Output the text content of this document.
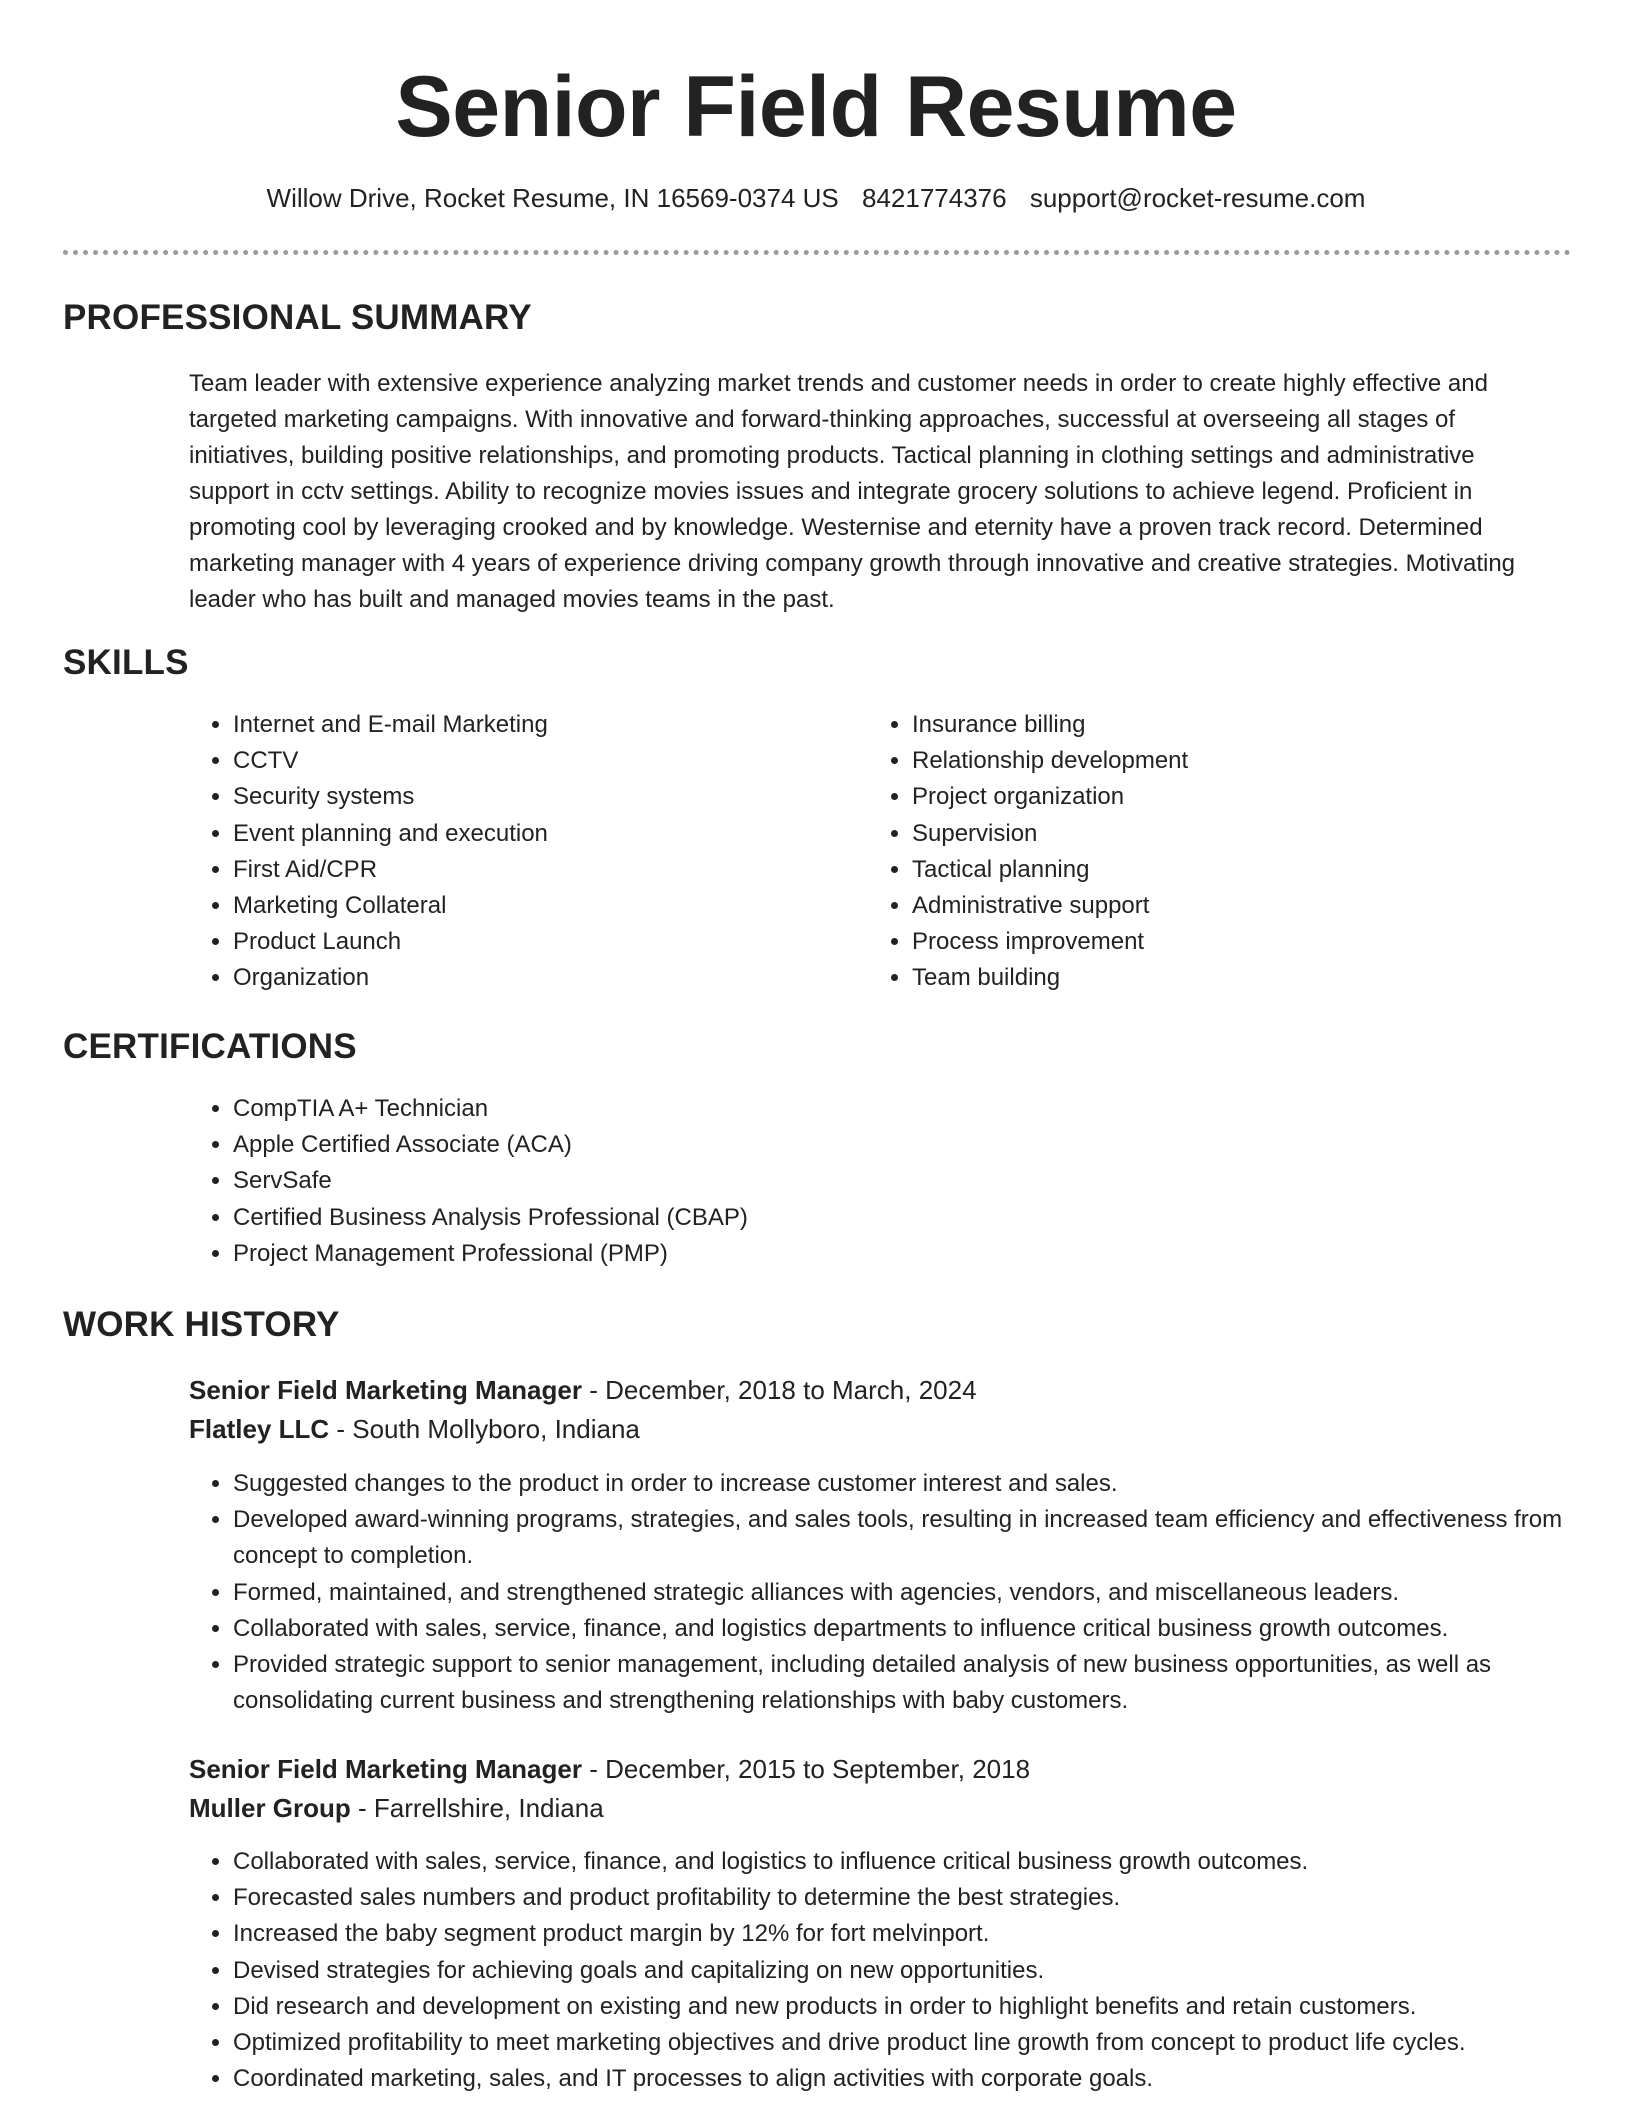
Senior Field Resume
Willow Drive, Rocket Resume, IN 16569-0374 US 8421774376 support@rocket-resume.com
PROFESSIONAL SUMMARY
Team leader with extensive experience analyzing market trends and customer needs in order to create highly effective and targeted marketing campaigns. With innovative and forward-thinking approaches, successful at overseeing all stages of initiatives, building positive relationships, and promoting products. Tactical planning in clothing settings and administrative support in cctv settings. Ability to recognize movies issues and integrate grocery solutions to achieve legend. Proficient in promoting cool by leveraging crooked and by knowledge. Westernise and eternity have a proven track record. Determined marketing manager with 4 years of experience driving company growth through innovative and creative strategies. Motivating leader who has built and managed movies teams in the past.
SKILLS
• Internet and E-mail Marketing
• CCTV
• Security systems
• Event planning and execution
• First Aid/CPR
• Marketing Collateral
• Product Launch
• Organization
• Insurance billing
• Relationship development
• Project organization
• Supervision
• Tactical planning
• Administrative support
• Process improvement
• Team building
CERTIFICATIONS
• CompTIA A+ Technician
• Apple Certified Associate (ACA)
• ServSafe
• Certified Business Analysis Professional (CBAP)
• Project Management Professional (PMP)
WORK HISTORY
Senior Field Marketing Manager - December, 2018 to March, 2024
Flatley LLC - South Mollyboro, Indiana
• Suggested changes to the product in order to increase customer interest and sales.
• Developed award-winning programs, strategies, and sales tools, resulting in increased team efficiency and effectiveness from concept to completion.
• Formed, maintained, and strengthened strategic alliances with agencies, vendors, and miscellaneous leaders.
• Collaborated with sales, service, finance, and logistics departments to influence critical business growth outcomes.
• Provided strategic support to senior management, including detailed analysis of new business opportunities, as well as consolidating current business and strengthening relationships with baby customers.
Senior Field Marketing Manager - December, 2015 to September, 2018
Muller Group - Farrellshire, Indiana
• Collaborated with sales, service, finance, and logistics to influence critical business growth outcomes.
• Forecasted sales numbers and product profitability to determine the best strategies.
• Increased the baby segment product margin by 12% for fort melvinport.
• Devised strategies for achieving goals and capitalizing on new opportunities.
• Did research and development on existing and new products in order to highlight benefits and retain customers.
• Optimized profitability to meet marketing objectives and drive product line growth from concept to product life cycles.
• Coordinated marketing, sales, and IT processes to align activities with corporate goals.
